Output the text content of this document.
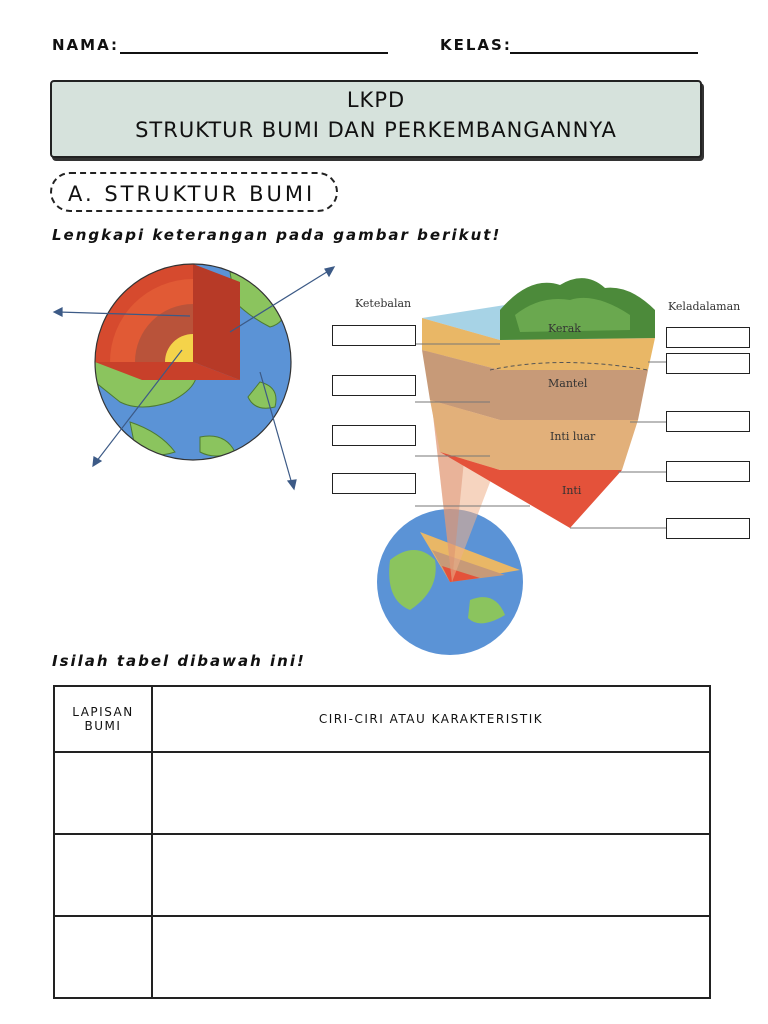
NAMA:	KELAS:
LKPD
STRUKTUR BUMI DAN PERKEMBANGANNYA
A. STRUKTUR BUMI
Lengkapi keterangan pada gambar berikut!
Kerak
Mantel
Inti luar
Inti
Ketebalan	Keladalaman
Isilah tabel dibawah ini!
LAPISAN
BUMI	CIRI-CIRI ATAU KARAKTERISTIK
